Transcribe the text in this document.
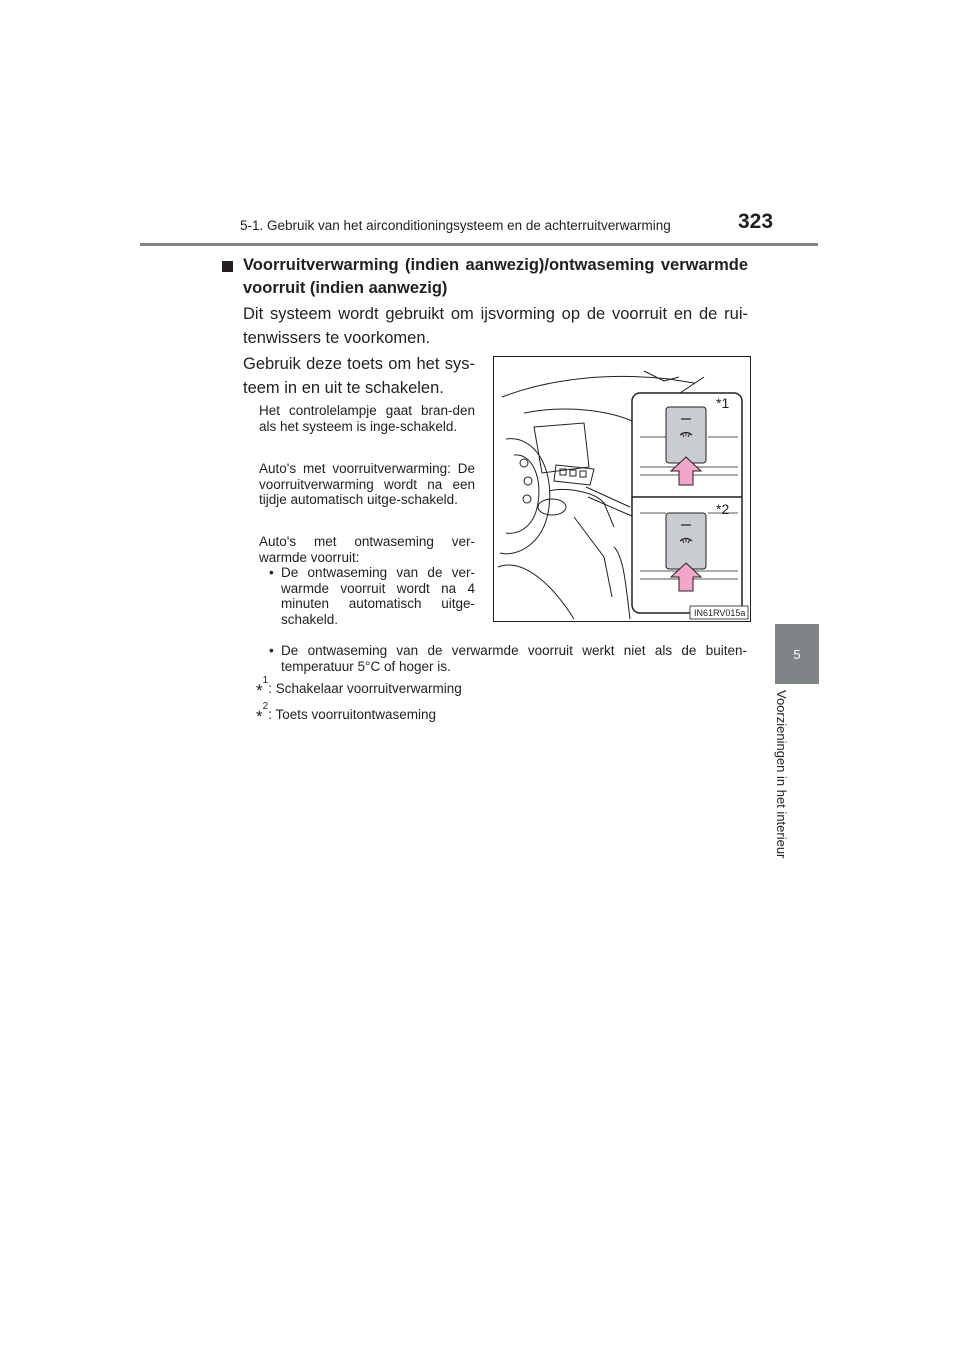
5-1. Gebruik van het airconditioningsysteem en de achterruitverwarming	323
5
Voorzieningen in het interieur
Voorruitverwarming (indien aanwezig)/ontwaseming verwarmde voorruit (indien aanwezig)
Dit systeem wordt gebruikt om ijsvorming op de voorruit en de rui-tenwissers te voorkomen.
Gebruik deze toets om het sys-teem in en uit te schakelen.
Het controlelampje gaat bran-den als het systeem is inge-schakeld.
Auto's met voorruitverwarming: De voorruitverwarming wordt na een tijdje automatisch uitge-schakeld.
Auto's met ontwaseming ver-warmde voorruit:
• De ontwaseming van de ver-warmde voorruit wordt na 4 minuten automatisch uitge-schakeld.
• De ontwaseming van de verwarmde voorruit werkt niet als de buiten-temperatuur 5°C of hoger is.
*$^1$: Schakelaar voorruitverwarming
*$^2$: Toets voorruitontwaseming
*1
*2
IN61RV015a
